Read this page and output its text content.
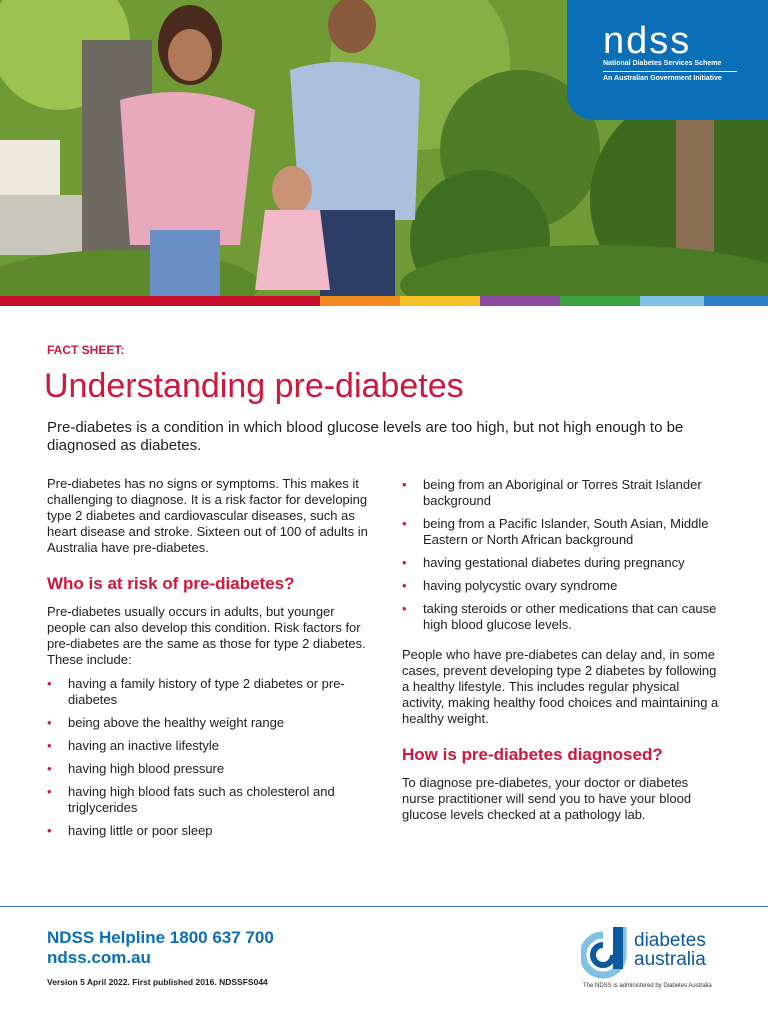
ndss
National Diabetes Services Scheme
An Australian Government Initiative
FACT SHEET:
Understanding pre-diabetes

Pre-diabetes is a condition in which blood glucose levels are too high, but not high enough to be diagnosed as diabetes.

Pre-diabetes has no signs or symptoms. This makes it challenging to diagnose. It is a risk factor for developing type 2 diabetes and cardiovascular diseases, such as heart disease and stroke. Sixteen out of 100 of adults in Australia have pre-diabetes.

Who is at risk of pre-diabetes?

Pre-diabetes usually occurs in adults, but younger people can also develop this condition. Risk factors for pre-diabetes are the same as those for type 2 diabetes. These include:

• having a family history of type 2 diabetes or pre-diabetes
• being above the healthy weight range
• having an inactive lifestyle
• having high blood pressure
• having high blood fats such as cholesterol and triglycerides
• having little or poor sleep
• being from an Aboriginal or Torres Strait Islander background
• being from a Pacific Islander, South Asian, Middle Eastern or North African background
• having gestational diabetes during pregnancy
• having polycystic ovary syndrome
• taking steroids or other medications that can cause high blood glucose levels.

People who have pre-diabetes can delay and, in some cases, prevent developing type 2 diabetes by following a healthy lifestyle. This includes regular physical activity, making healthy food choices and maintaining a healthy weight.

How is pre-diabetes diagnosed?

To diagnose pre-diabetes, your doctor or diabetes nurse practitioner will send you to have your blood glucose levels checked at a pathology lab.

NDSS Helpline 1800 637 700
ndss.com.au
Version 5 April 2022. First published 2016. NDSSFS044
diabetes
australia
The NDSS is administered by Diabetes Australia
